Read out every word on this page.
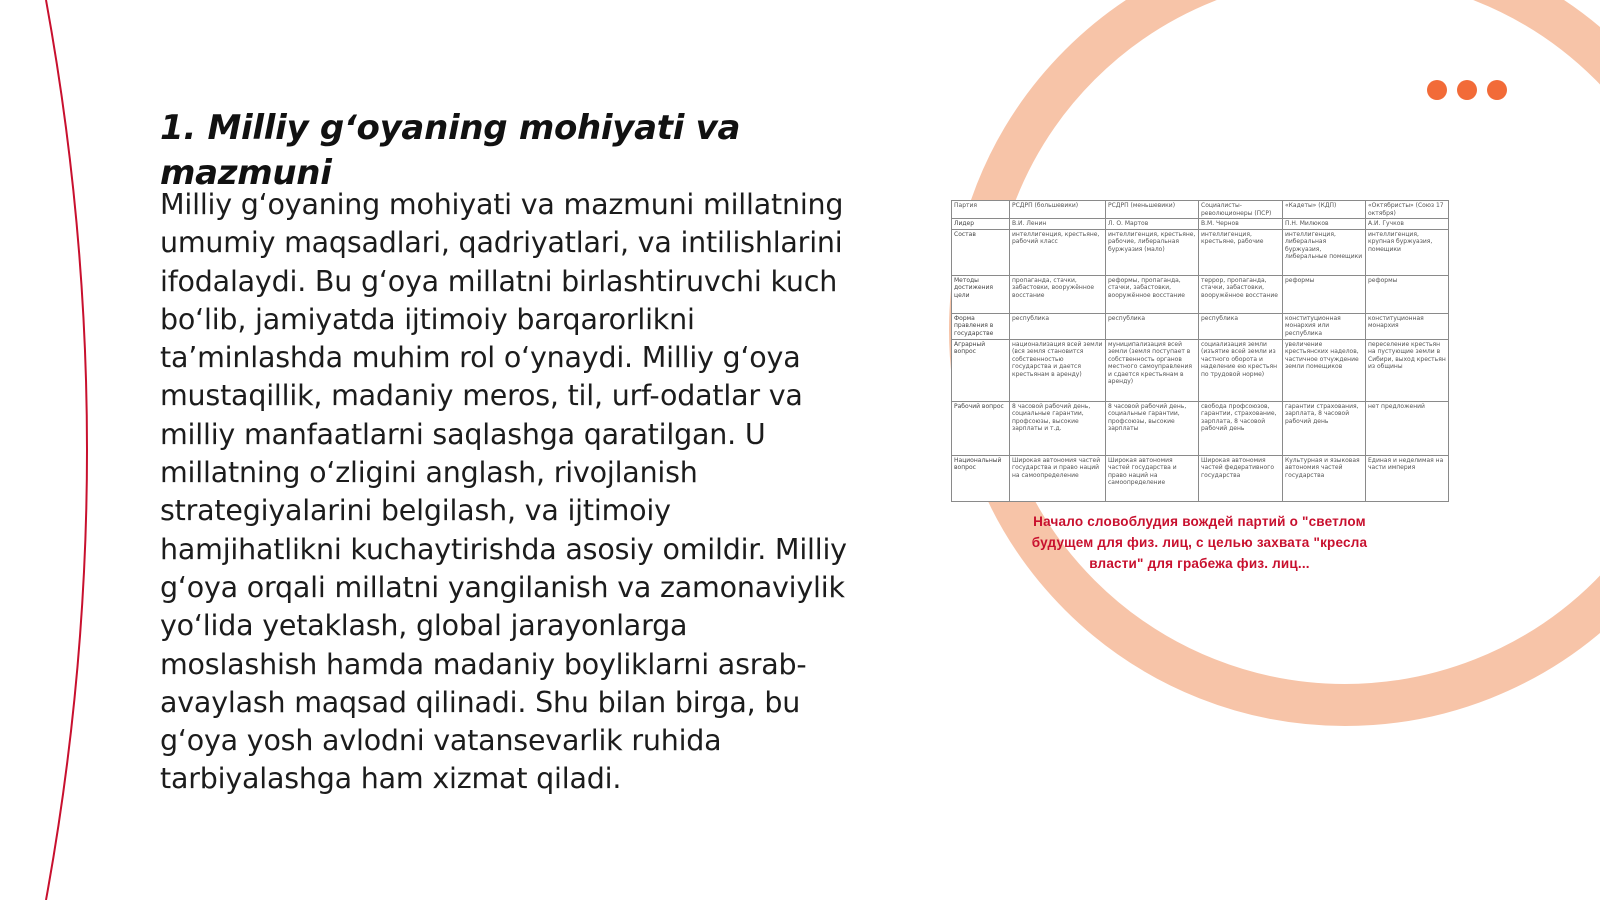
1. Milliy g‘oyaning mohiyati va mazmuni

Milliy g‘oyaning mohiyati va mazmuni millatning umumiy maqsadlari, qadriyatlari, va intilishlarini ifodalaydi. Bu g‘oya millatni birlashtiruvchi kuch bo‘lib, jamiyatda ijtimoiy barqarorlikni ta’minlashda muhim rol o‘ynaydi. Milliy g‘oya mustaqillik, madaniy meros, til, urf-odatlar va milliy manfaatlarni saqlashga qaratilgan. U millatning o‘zligini anglash, rivojlanish strategiyalarini belgilash, va ijtimoiy hamjihatlikni kuchaytirishda asosiy omildir. Milliy g‘oya orqali millatni yangilanish va zamonaviylik yo‘lida yetaklash, global jarayonlarga moslashish hamda madaniy boyliklarni asrab-avaylash maqsad qilinadi. Shu bilan birga, bu g‘oya yosh avlodni vatansevarlik ruhida tarbiyalashga ham xizmat qiladi.

Партия	РСДРП (большевики)	РСДРП (меньшевики)	Социалисты-революционеры (ПСР)	«Кадеты» (КДП)	«Октябристы» (Союз 17 октября)
Лидер	В.И. Ленин	Л. О. Мартов	В.М. Чернов	П.Н. Милюков	А.И. Гучков
Состав	интеллигенция, крестьяне, рабочий класс	интеллигенция, крестьяне, рабочие, либеральная буржуазия (мало)	интеллигенция, крестьяне, рабочие	интеллигенция, либеральная буржуазия, либеральные помещики	интеллигенция, крупная буржуазия, помещики
Методы достижения цели	пропаганда, стачки, забастовки, вооружённое восстание	реформы, пропаганда, стачки, забастовки, вооружённое восстание	террор, пропаганда, стачки, забастовки, вооружённое восстание	реформы	реформы
Форма правления в государстве	республика	республика	республика	конституционная монархия или республика	конституционная монархия
Аграрный вопрос	национализация всей земли (вся земля становится собственностью государства и дается крестьянам в аренду)	муниципализация всей земли (земля поступает в собственность органов местного самоуправления и сдается крестьянам в аренду)	социализация земли (изъятие всей земли из частного оборота и наделение ею крестьян по трудовой норме)	увеличение крестьянских наделов, частичное отчуждение земли помещиков	переселение крестьян на пустующие земли в Сибири, выход крестьян из общины
Рабочий вопрос	8 часовой рабочий день, социальные гарантии, профсоюзы, высокие зарплаты и т.д.	8 часовой рабочий день, социальные гарантии, профсоюзы, высокие зарплаты	свобода профсоюзов, гарантии, страхование, зарплата, 8 часовой рабочий день	гарантии страхования, зарплата, 8 часовой рабочий день	нет предложений
Национальный вопрос	Широкая автономия частей государства и право наций на самоопределение	Широкая автономия частей государства и право наций на самоопределение	Широкая автономия частей федеративного государства	Культурная и языковая автономия частей государства	Единая и неделимая на части империя
Начало словоблудия вождей партий о "светлом
будущем для физ. лиц, с целью захвата "кресла
власти" для грабежа физ. лиц...
